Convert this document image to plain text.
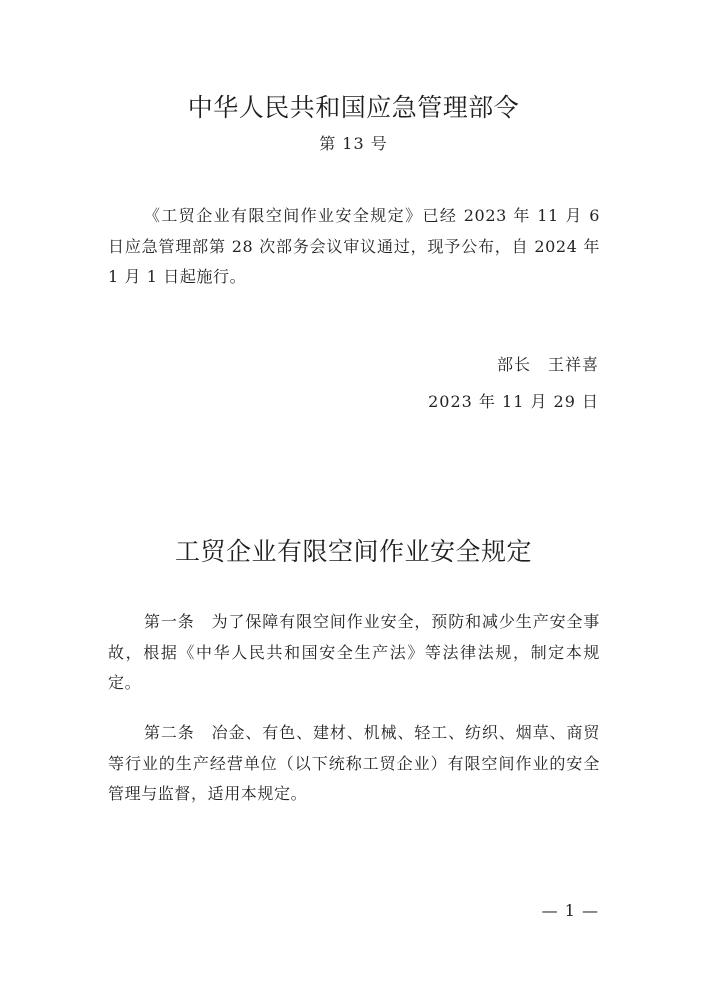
中华人民共和国应急管理部令
第 13 号

《工贸企业有限空间作业安全规定》已经 2023 年 11 月 6 日应急管理部第 28 次部务会议审议通过，现予公布，自 2024 年 1 月 1 日起施行。

部长　王祥喜
2023 年 11 月 29 日
工贸企业有限空间作业安全规定

第一条　为了保障有限空间作业安全，预防和减少生产安全事故，根据《中华人民共和国安全生产法》等法律法规，制定本规定。

第二条　冶金、有色、建材、机械、轻工、纺织、烟草、商贸等行业的生产经营单位（以下统称工贸企业）有限空间作业的安全管理与监督，适用本规定。

— 1 —
